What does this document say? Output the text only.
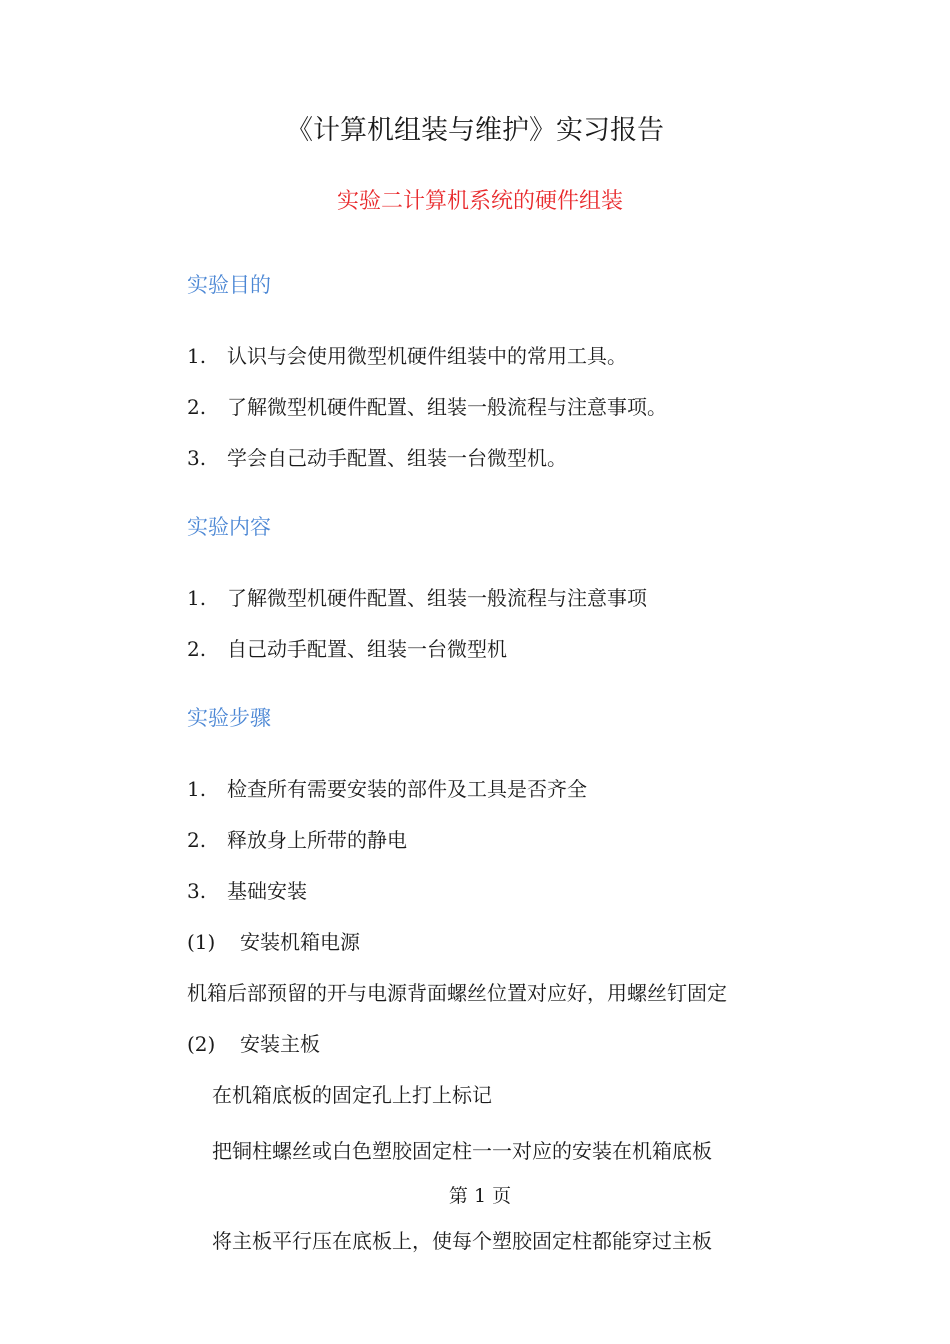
《计算机组装与维护》实习报告
实验二计算机系统的硬件组装
实验目的
1. 认识与会使用微型机硬件组装中的常用工具。
2. 了解微型机硬件配置、组装一般流程与注意事项。
3. 学会自己动手配置、组装一台微型机。
实验内容
1. 了解微型机硬件配置、组装一般流程与注意事项
2. 自己动手配置、组装一台微型机
实验步骤
1. 检查所有需要安装的部件及工具是否齐全
2. 释放身上所带的静电
3. 基础安装
(1) 安装机箱电源
机箱后部预留的开与电源背面螺丝位置对应好，用螺丝钉固定
(2) 安装主板
在机箱底板的固定孔上打上标记
把铜柱螺丝或白色塑胶固定柱一一对应的安装在机箱底板
第 1 页
将主板平行压在底板上，使每个塑胶固定柱都能穿过主板
